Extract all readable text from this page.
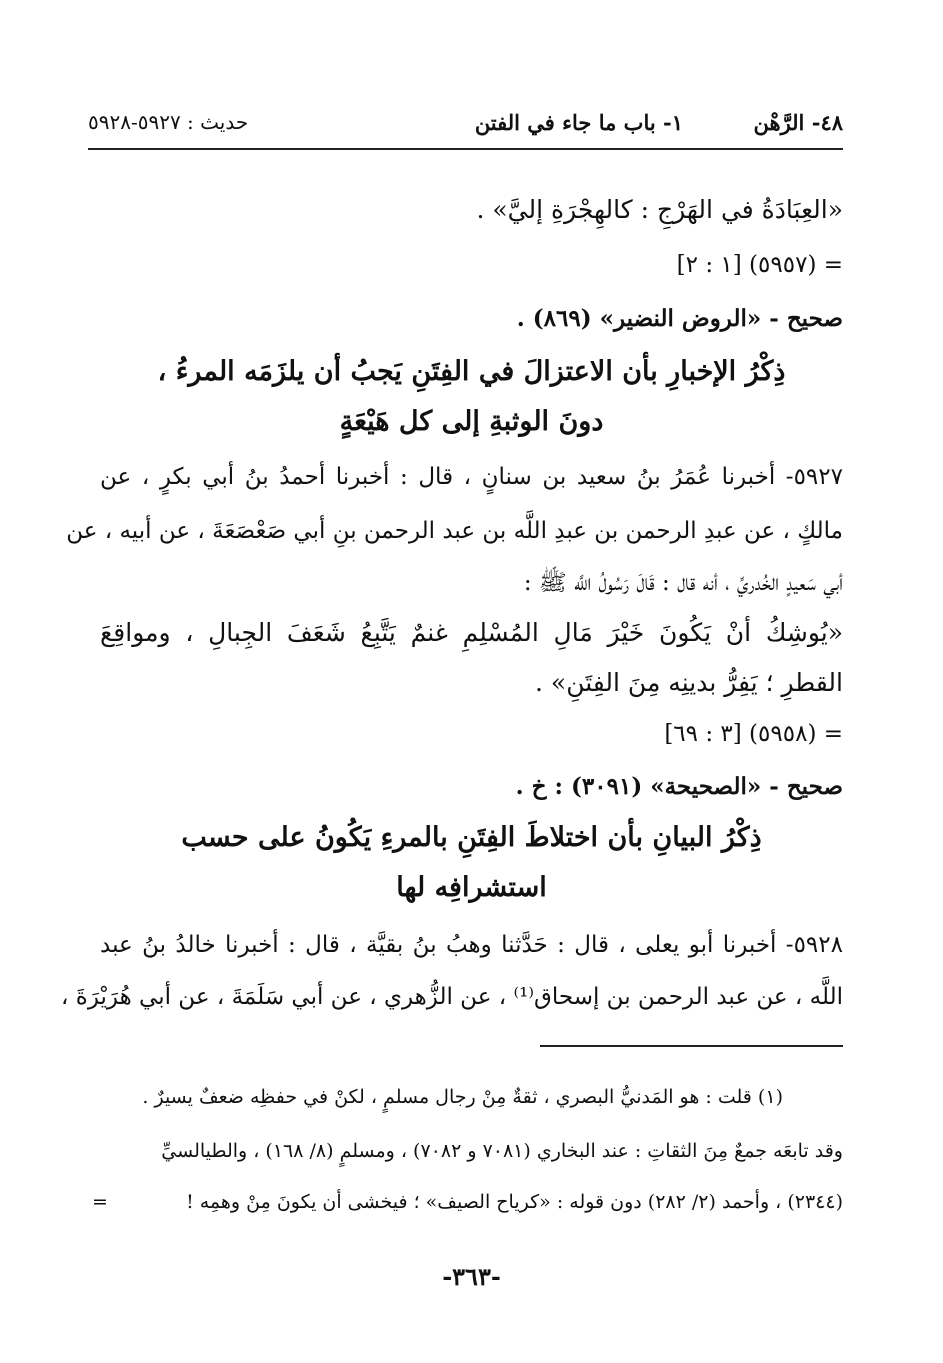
٤٨- الرَّهْن
١- باب ما جاء في الفتن
حديث : ٥٩٢٧-٥٩٢٨
«العِبَادَةُ في الهَرْجِ : كالهِجْرَةِ إليَّ» .
= (٥٩٥٧) [١ : ٢]
صحيح - «الروض النضير» (٨٦٩) .
ذِكْرُ الإخبارِ بأن الاعتزالَ في الفِتَنِ يَجبُ أن يلزَمَه المرءُ ،
دونَ الوثبةِ إلى كل هَيْعَةٍ
٥٩٢٧- أخبرنا عُمَرُ بنُ سعيد بن سنانٍ ، قال : أخبرنا أحمدُ بنُ أبي بكرٍ ، عن
مالكٍ ، عن عبدِ الرحمن بن عبدِ اللَّه بن عبد الرحمن بنِ أبي صَعْصَعَةَ ، عن أبيه ، عن
أبي سَعيدٍ الخُدريِّ ، أنه قال : قَالَ رَسُولُ اللَّه ﷺ :
«يُوشِكُ أنْ يَكُونَ خَيْرَ مَالِ المُسْلِمِ غنمٌ يَتَّبِعُ شَعَفَ الجِبالِ ، ومواقِعَ
القطرِ ؛ يَفِرُّ بدينِه مِنَ الفِتَنِ» .
= (٥٩٥٨) [٣ : ٦٩]
صحيح - «الصحيحة» (٣٠٩١) : خ .
ذِكْرُ البيانِ بأن اختلاطَ الفِتَنِ بالمرءِ يَكُونُ على حسب
استشرافِه لها
٥٩٢٨- أخبرنا أبو يعلى ، قال : حَدَّثنا وهبُ بنُ بقيَّة ، قال : أخبرنا خالدُ بنُ عبد
اللَّه ، عن عبد الرحمن بن إسحاق⁽¹⁾ ، عن الزُّهري ، عن أبي سَلَمَةَ ، عن أبي هُرَيْرَةَ ،
(١) قلت : هو المَدنيُّ البصري ، ثقةٌ مِنْ رجال مسلمٍ ، لكنْ في حفظِه ضعفٌ يسيرٌ .
وقد تابعَه جمعٌ مِنَ الثقاتِ : عند البخاري (٧٠٨١ و ٧٠٨٢) ، ومسلمٍ (٨/ ١٦٨) ، والطيالسيِّ
(٢٣٤٤) ، وأحمد (٢/ ٢٨٢) دون قوله : «كرياح الصيف» ؛ فيخشى أن يكونَ مِنْ وهمِه !
=
-٣٦٣-
